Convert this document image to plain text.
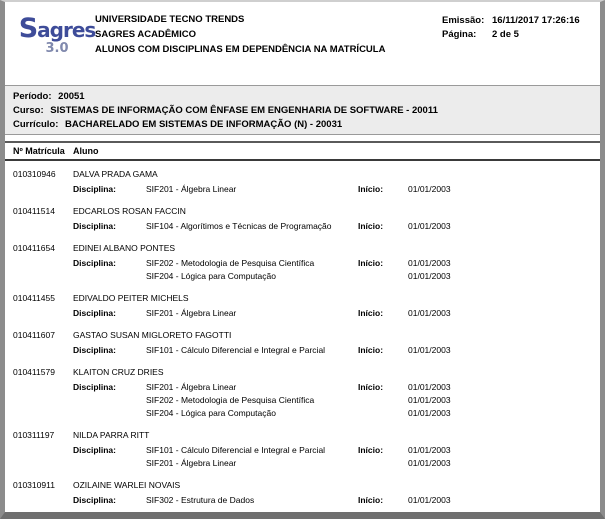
Sagres
3.0
UNIVERSIDADE TECNO TRENDS
SAGRES ACADÊMICO
ALUNOS COM DISCIPLINAS EM DEPENDÊNCIA NA MATRÍCULA
Emissão: 16/11/2017 17:26:16
Página:	2 de 5
Período: 20051
Curso: SISTEMAS DE INFORMAÇÃO COM ÊNFASE EM ENGENHARIA DE SOFTWARE - 20011
Currículo: BACHARELADO EM SISTEMAS DE INFORMAÇÃO (N) - 20031
Nº Matrícula Aluno
010310946	DALVA PRADA GAMA
Disciplina:	SIF201 - Álgebra Linear	Início:	01/01/2003
010411514	EDCARLOS ROSAN FACCIN
Disciplina:	SIF104 - Algorítimos e Técnicas de Programação	Início:	01/01/2003
010411654	EDINEI ALBANO PONTES
Disciplina:	SIF202 - Metodologia de Pesquisa Científica	Início:	01/01/2003
SIF204 - Lógica para Computação	01/01/2003
010411455	EDIVALDO PEITER MICHELS
Disciplina:	SIF201 - Álgebra Linear	Início:	01/01/2003
010411607	GASTAO SUSAN MIGLORETO FAGOTTI
Disciplina:	SIF101 - Cálculo Diferencial e Integral e Parcial	Início:	01/01/2003
010411579	KLAITON CRUZ DRIES
Disciplina:	SIF201 - Álgebra Linear	Início:	01/01/2003
SIF202 - Metodologia de Pesquisa Científica	01/01/2003
SIF204 - Lógica para Computação	01/01/2003
010311197	NILDA PARRA RITT
Disciplina:	SIF101 - Cálculo Diferencial e Integral e Parcial	Início:	01/01/2003
SIF201 - Álgebra Linear	01/01/2003
010310911	OZILAINE WARLEI NOVAIS
Disciplina:	SIF302 - Estrutura de Dados	Início:	01/01/2003
